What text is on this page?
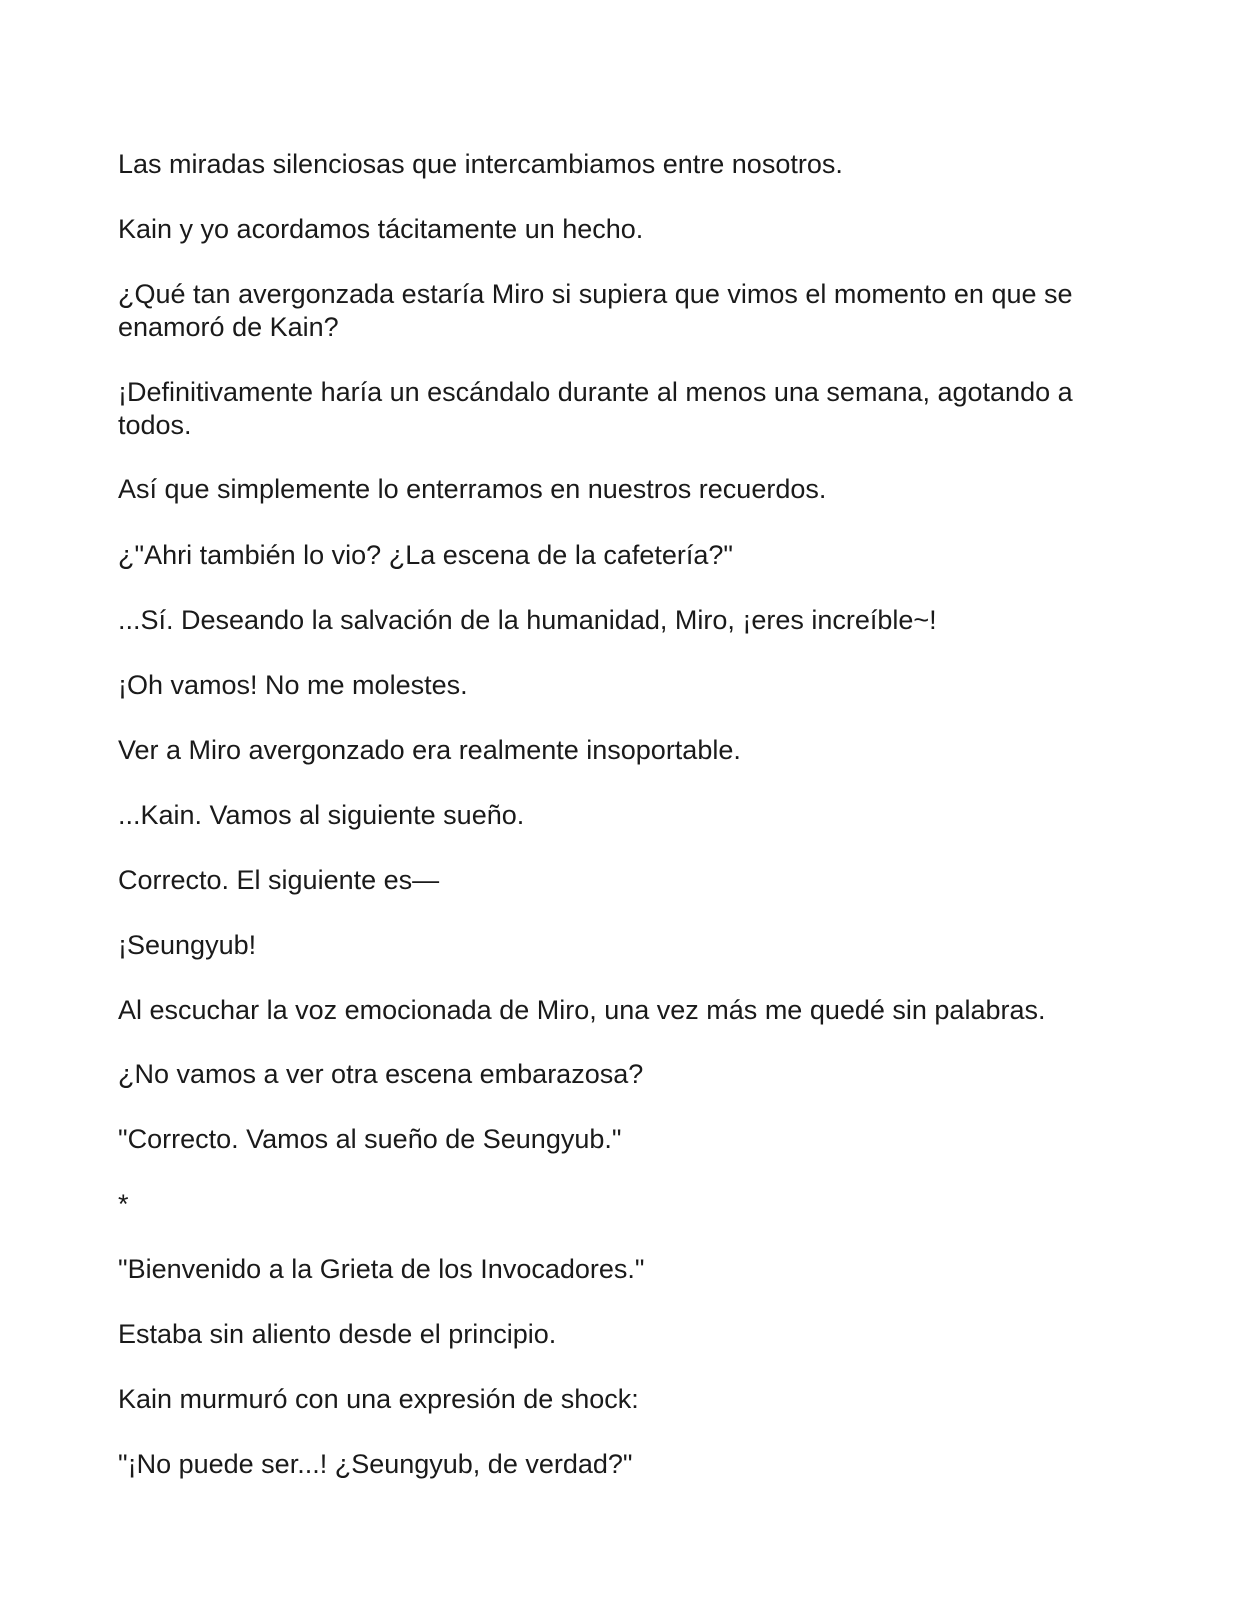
Las miradas silenciosas que intercambiamos entre nosotros.

Kain y yo acordamos tácitamente un hecho.

¿Qué tan avergonzada estaría Miro si supiera que vimos el momento en que se enamoró de Kain?

¡Definitivamente haría un escándalo durante al menos una semana, agotando a todos.

Así que simplemente lo enterramos en nuestros recuerdos.

¿"Ahri también lo vio? ¿La escena de la cafetería?"

...Sí. Deseando la salvación de la humanidad, Miro, ¡eres increíble~!

¡Oh vamos! No me molestes.

Ver a Miro avergonzado era realmente insoportable.

...Kain. Vamos al siguiente sueño.

Correcto. El siguiente es—

¡Seungyub!

Al escuchar la voz emocionada de Miro, una vez más me quedé sin palabras.

¿No vamos a ver otra escena embarazosa?

"Correcto. Vamos al sueño de Seungyub."

*

"Bienvenido a la Grieta de los Invocadores."

Estaba sin aliento desde el principio.

Kain murmuró con una expresión de shock:

"¡No puede ser...! ¿Seungyub, de verdad?"
